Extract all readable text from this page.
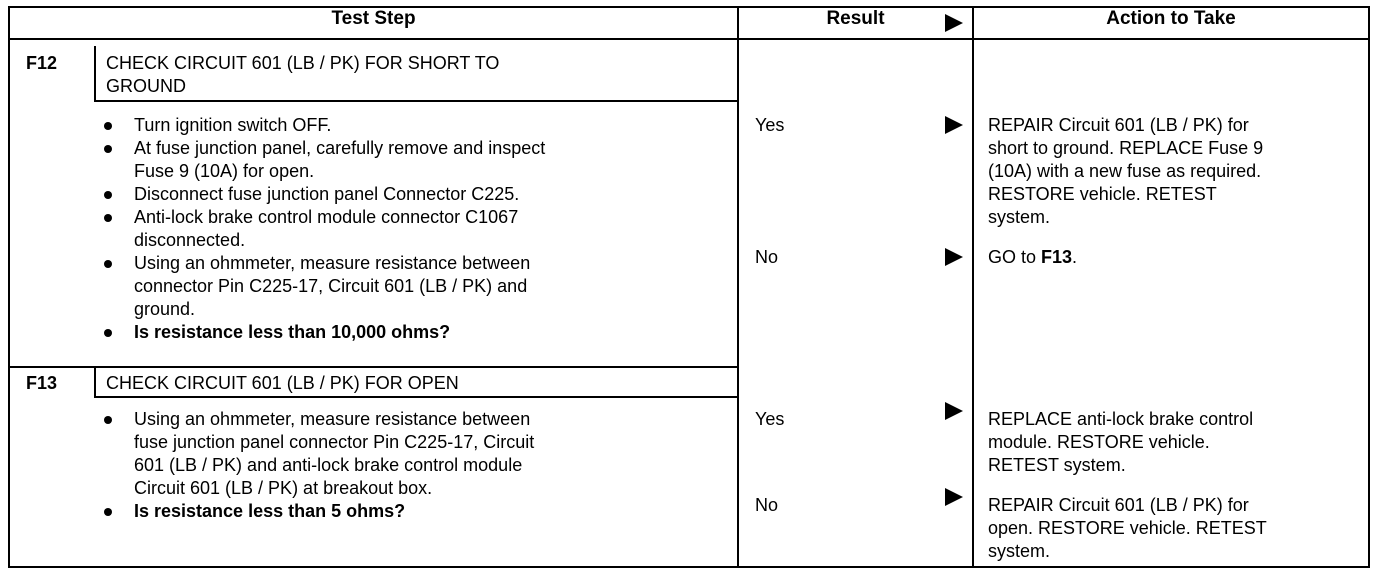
Test Step	Result	Action to Take
F12	CHECK CIRCUIT 601 (LB / PK) FOR SHORT TO
GROUND
Turn ignition switch OFF.
At fuse junction panel, carefully remove and inspect
Fuse 9 (10A) for open.
Disconnect fuse junction panel Connector C225.
Anti-lock brake control module connector C1067
disconnected.
Using an ohmmeter, measure resistance between
connector Pin C225-17, Circuit 601 (LB / PK) and
ground.
Is resistance less than 10,000 ohms?
Yes	REPAIR Circuit 601 (LB / PK) for
short to ground. REPLACE Fuse 9
(10A) with a new fuse as required.
RESTORE vehicle. RETEST
system.
No	GO to F13.
F13	CHECK CIRCUIT 601 (LB / PK) FOR OPEN
Using an ohmmeter, measure resistance between
fuse junction panel connector Pin C225-17, Circuit
601 (LB / PK) and anti-lock brake control module
Circuit 601 (LB / PK) at breakout box.
Is resistance less than 5 ohms?
Yes	REPLACE anti-lock brake control
module. RESTORE vehicle.
RETEST system.
No	REPAIR Circuit 601 (LB / PK) for
open. RESTORE vehicle. RETEST
system.
